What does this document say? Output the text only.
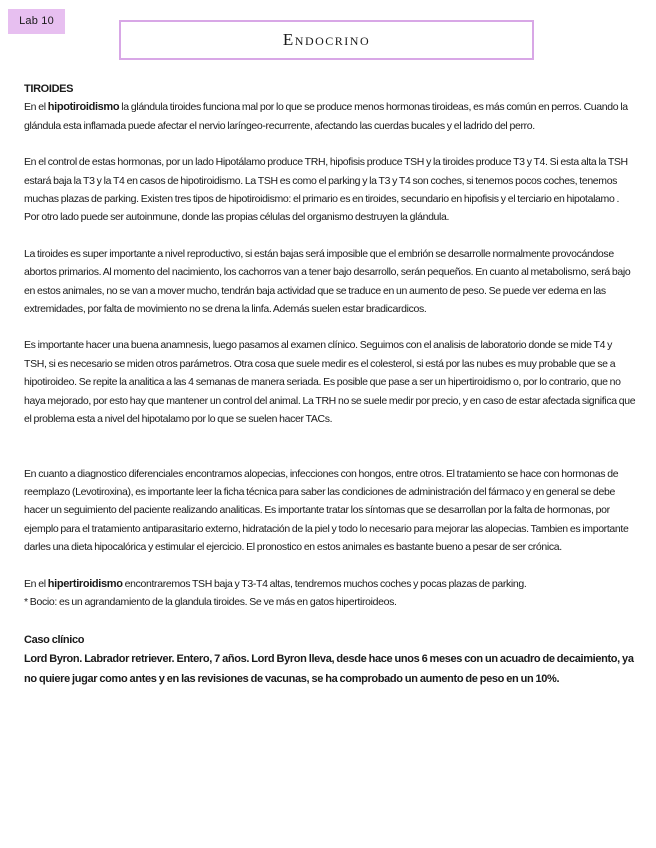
Lab 10
Endocrino

TIROIDES

En el hipotiroidismo la glándula tiroides funciona mal por lo que se produce menos hormonas tiroideas, es más común en perros. Cuando la glándula esta inflamada puede afectar el nervio laríngeo-recurrente, afectando las cuerdas bucales y el ladrido del perro.

En el control de estas hormonas, por un lado Hipotálamo produce TRH, hipofisis produce TSH y la tiroides produce T3 y T4. Si esta alta la TSH estará baja la T3 y la T4 en casos de hipotiroidismo. La TSH es como el parking y la T3 y T4 son coches, si tenemos pocos coches, tenemos muchas plazas de parking. Existen tres tipos de hipotiroidismo: el primario es en tiroides, secundario en hipofisis y el terciario en hipotalamo . Por otro lado puede ser autoinmune, donde las propias células del organismo destruyen la glándula.

La tiroides es super importante a nivel reproductivo, si están bajas será imposible que el embrión se desarrolle normalmente provocándose abortos primarios. Al momento del nacimiento, los cachorros van a tener bajo desarrollo, serán pequeños. En cuanto al metabolismo, será bajo en estos animales, no se van a mover mucho, tendrán baja actividad que se traduce en un aumento de peso. Se puede ver edema en las extremidades, por falta de movimiento no se drena la linfa. Además suelen estar bradicardicos.

Es importante hacer una buena anamnesis, luego pasamos al examen clínico. Seguimos con el analisis de laboratorio donde se mide T4 y TSH, si es necesario se miden otros parámetros. Otra cosa que suele medir es el colesterol, si está por las nubes es muy probable que se a hipotiroideo. Se repite la analitica a las 4 semanas de manera seriada. Es posible que pase a ser un hipertiroidismo o, por lo contrario, que no haya mejorado, por esto hay que mantener un control del animal. La TRH no se suele medir por precio, y en caso de estar afectada significa que el problema esta a nivel del hipotalamo por lo que se suelen hacer TACs.

En cuanto a diagnostico diferenciales encontramos alopecias, infecciones con hongos, entre otros. El tratamiento se hace con hormonas de reemplazo (Levotiroxina), es importante leer la ficha técnica para saber las condiciones de administración del fármaco y en general se debe hacer un seguimiento del paciente realizando analiticas. Es importante tratar los síntomas que se desarrollan por la falta de hormonas, por ejemplo para el tratamiento antiparasitario externo, hidratación de la piel y todo lo necesario para mejorar las alopecias. Tambien es importante darles una dieta hipocalórica y estimular el ejercicio. El pronostico en estos animales es bastante bueno a pesar de ser crónica.

En el hipertiroidismo encontraremos TSH baja y T3-T4 altas, tendremos muchos coches y pocas plazas de parking.

* Bocio: es un agrandamiento de la glandula tiroides. Se ve más en gatos hipertiroideos.

Caso clínico

Lord Byron. Labrador retriever. Entero, 7 años. Lord Byron lleva, desde hace unos 6 meses con un acuadro de decaimiento, ya no quiere jugar como antes y en las revisiones de vacunas, se ha comprobado un aumento de peso en un 10%.
